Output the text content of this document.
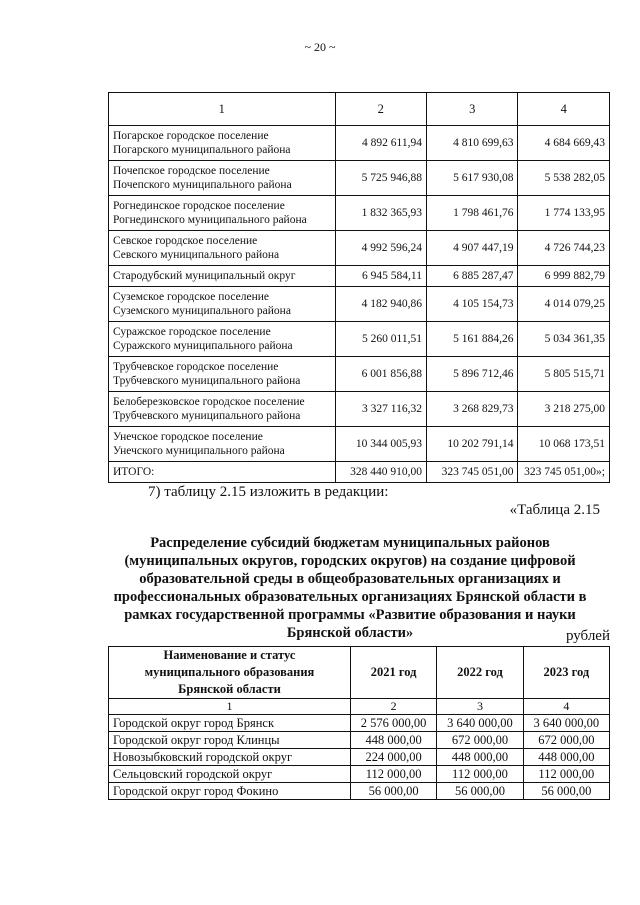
~ 20 ~
1	2	3	4
Погарское городское поселение
Погарского муниципального района	4 892 611,94	4 810 699,63	4 684 669,43
Почепское городское поселение
Почепского муниципального района	5 725 946,88	5 617 930,08	5 538 282,05
Рогнединское городское поселение
Рогнединского муниципального района	1 832 365,93	1 798 461,76	1 774 133,95
Севское городское поселение
Севского муниципального района	4 992 596,24	4 907 447,19	4 726 744,23
Стародубский муниципальный округ	6 945 584,11	6 885 287,47	6 999 882,79
Суземское городское поселение
Суземского муниципального района	4 182 940,86	4 105 154,73	4 014 079,25
Суражское городское поселение
Суражского муниципального района	5 260 011,51	5 161 884,26	5 034 361,35
Трубчевское городское поселение
Трубчевского муниципального района	6 001 856,88	5 896 712,46	5 805 515,71
Белоберезковское городское поселение
Трубчевского муниципального района	3 327 116,32	3 268 829,73	3 218 275,00
Унечское городское поселение
Унечского муниципального района	10 344 005,93	10 202 791,14	10 068 173,51
ИТОГО:	328 440 910,00	323 745 051,00	323 745 051,00»;
7) таблицу 2.15 изложить в редакции:
«Таблица 2.15
Распределение субсидий бюджетам муниципальных районов
(муниципальных округов, городских округов) на создание цифровой
образовательной среды в общеобразовательных организациях и
профессиональных образовательных организациях Брянской области в
рамках государственной программы «Развитие образования и науки
Брянской области»	рублей
Наименование и статус
муниципального образования
Брянской области	2021 год	2022 год	2023 год
1	2	3	4
Городской округ город Брянск	2 576 000,00	3 640 000,00	3 640 000,00
Городской округ город Клинцы	448 000,00	672 000,00	672 000,00
Новозыбковский городской округ	224 000,00	448 000,00	448 000,00
Сельцовский городской округ	112 000,00	112 000,00	112 000,00
Городской округ город Фокино	56 000,00	56 000,00	56 000,00
